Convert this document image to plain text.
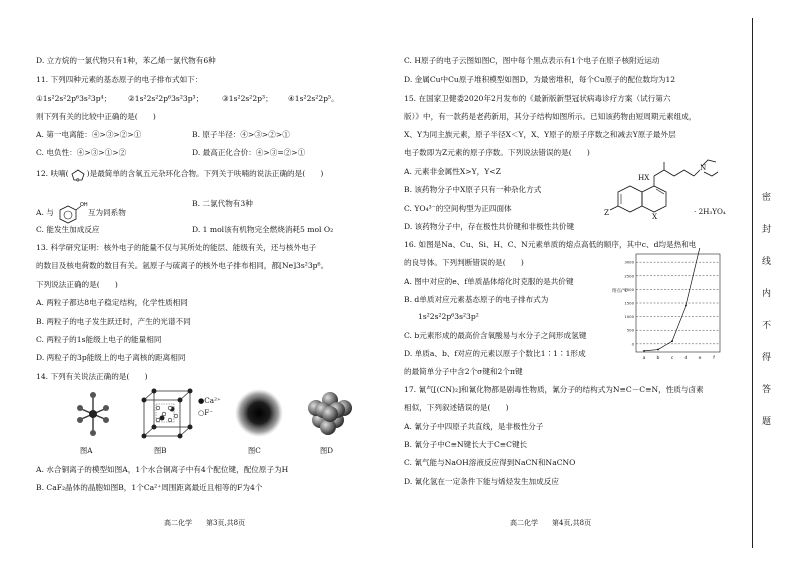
D. 立方烷的一氯代物只有1种，苯乙烯一氯代物有6种
11. 下列四种元素的基态原子的电子排布式如下：
①1s²2s²2p⁶3s²3p⁴； ②1s²2s²2p⁶3s²3p³； ③1s²2s²2p³； ④1s²2s²2p⁵。
则下列有关的比较中正确的是(　　)
A. 第一电离能：④>③>②>①	B. 原子半径：④>③>②>①
C. 电负性：④>③>①>②	D. 最高正化合价：④>③=②>①
12. 呋喃(
O
)是最简单的含氧五元杂环化合物。下列关于呋喃的说法正确的是(　　)
A. 与
OH
互为同系物
B. 二氯代物有3种
C. 能发生加成反应	D. 1 mol该有机物完全燃烧消耗5 mol O₂
13. 科学研究证明：核外电子的能量不仅与其所处的能层、能级有关，还与核外电子
的数目及核电荷数的数目有关。氩原子与硫离子的核外电子排布相同，都[Ne]3s²3p⁶。
下列说法正确的是(　　)
A. 两粒子都达8电子稳定结构，化学性质相同
B. 两粒子的电子发生跃迁时，产生的光谱不同
C. 两粒子的1s能级上电子的能量相同
D. 两粒子的3p能级上的电子离核的距离相同
14. 下列有关说法正确的是(　　)
●Ca²⁺
○F⁻
图A	图B	图C	图D
A. 水合铜离子的模型如图A，1个水合铜离子中有4个配位键，配位原子为H
B. CaF₂晶体的晶胞如图B，1个Ca²⁺周围距离最近且相等的F为4个
高二化学　　第3页,共8页
C. H原子的电子云图如图C，图中每个黑点表示有1个电子在原子核附近运动
D. 金属Cu中Cu原子堆积模型如图D，为最密堆积，每个Cu原子的配位数均为12
15. 在国家卫健委2020年2月发布的《最新版新型冠状病毒诊疗方案（试行第六
版）》中，有一款药是老药新用，其分子结构如图所示。已知该药物由短周期元素组成，
X、Y为同主族元素，原子半径X＜Y，X、Y原子的原子序数之和减去Y原子最外层
电子数即为Z元素的原子序数。下列说法错误的是(　　)
A. 元素非金属性X>Y，Y<Z
B. 该药物分子中X原子只有一种杂化方式
C. YO₄³⁻的空间构型为正四面体
D. 该药物分子中，存在极性共价键和非极性共价键
HX
X
Z	· 2H₃YO₄
N
16. 如图是Na、Cu、Si、H、C、N元素单质的熔点高低的顺序，其中c、d均是热和电
的良导体。下列判断错误的是(　　)
A. 图中对应的e、f单质晶体熔化时克服的是共价键
B. d单质对应元素基态原子的电子排布式为
1s²2s²2p⁶3s²3p²
C. b元素形成的最高价含氧酸易与水分子之间形成氢键
D. 单质a、b、f对应的元素以原子个数比1∶1∶1形成
的最简单分子中含2个σ键和2个π键
3000
2500
2000
1500
1000
500
0
熔点/℃
a b c d e	f
17. 氰气[(CN)₂]和氰化物都是剧毒性物质，氰分子的结构式为N≡C－C≡N，性质与卤素
相似，下列叙述错误的是(　　)
A. 氰分子中四原子共直线，是非极性分子
B. 氰分子中C≡N键长大于C≡C键长
C. 氰气能与NaOH溶液反应得到NaCN和NaCNO
D. 氰化氢在一定条件下能与烯烃发生加成反应
高二化学　　第4页,共8页
密
封
线
内
不
得
答
题
